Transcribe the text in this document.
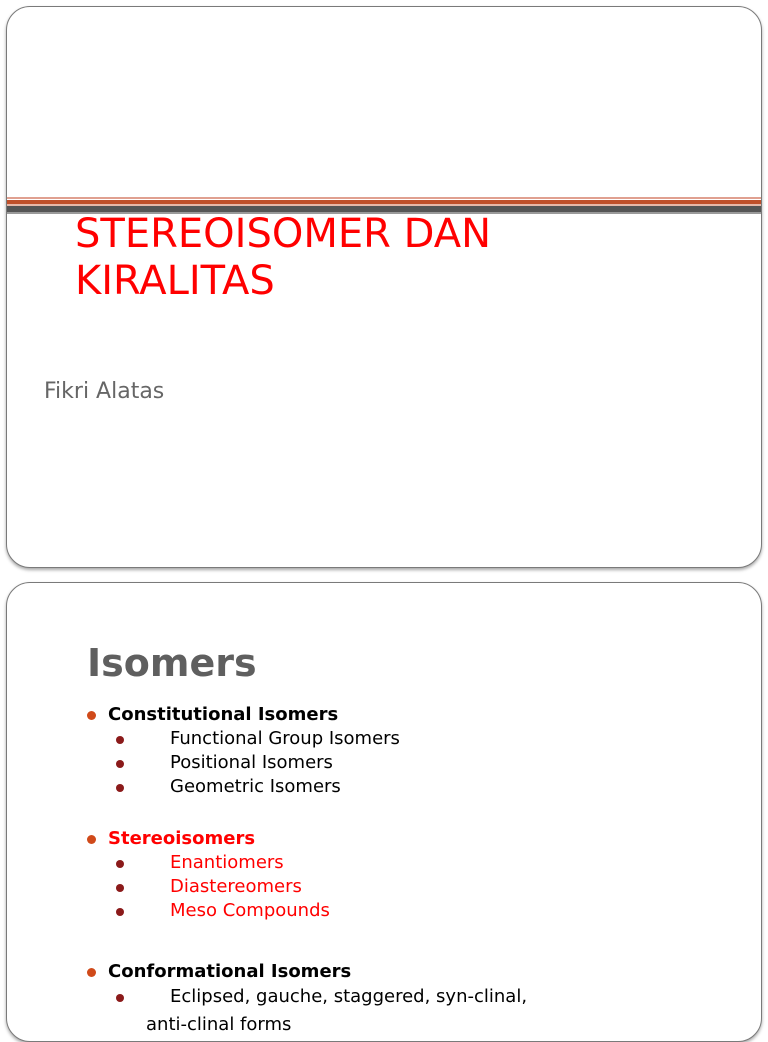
STEREOISOMER DAN
KIRALITAS

Fikri Alatas

Isomers
Constitutional Isomers
Functional Group Isomers
Positional Isomers
Geometric Isomers
Stereoisomers
Enantiomers
Diastereomers
Meso Compounds
Conformational Isomers
Eclipsed, gauche, staggered, syn-clinal,
anti-clinal forms
